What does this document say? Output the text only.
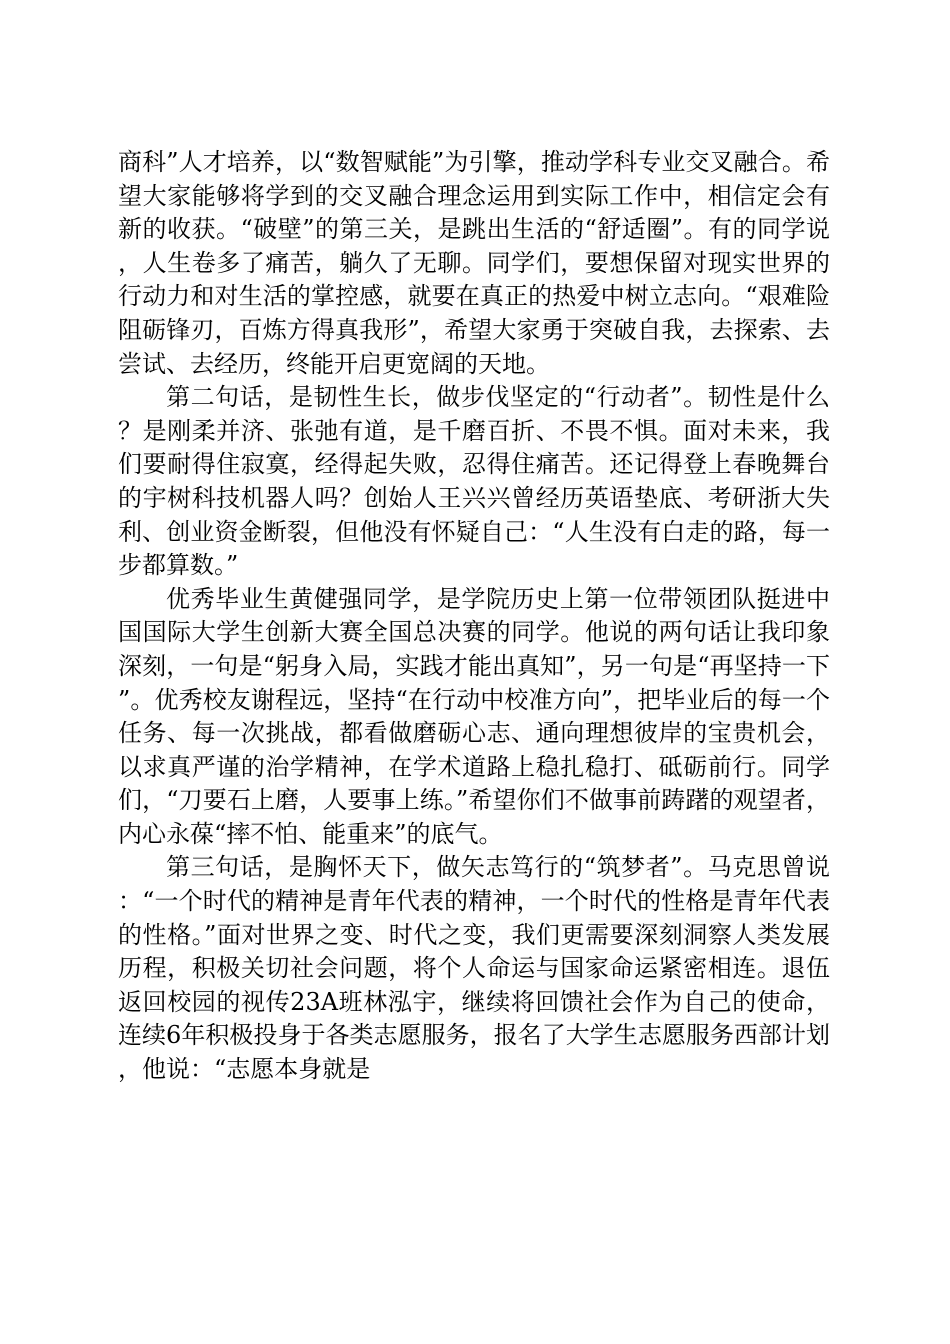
商科”人才培养，以“数智赋能”为引擎，推动学科专业交叉融合。希望大家能够将学到的交叉融合理念运用到实际工作中，相信定会有新的收获。“破壁”的第三关，是跳出生活的“舒适圈”。有的同学说，人生卷多了痛苦，躺久了无聊。同学们，要想保留对现实世界的行动力和对生活的掌控感，就要在真正的热爱中树立志向。“艰难险阻砺锋刃，百炼方得真我形”，希望大家勇于突破自我，去探索、去尝试、去经历，终能开启更宽阔的天地。

第二句话，是韧性生长，做步伐坚定的“行动者”。韧性是什么？是刚柔并济、张弛有道，是千磨百折、不畏不惧。面对未来，我们要耐得住寂寞，经得起失败，忍得住痛苦。还记得登上春晚舞台的宇树科技机器人吗？创始人王兴兴曾经历英语垫底、考研浙大失利、创业资金断裂，但他没有怀疑自己：“人生没有白走的路，每一步都算数。”

优秀毕业生黄健强同学，是学院历史上第一位带领团队挺进中国国际大学生创新大赛全国总决赛的同学。他说的两句话让我印象深刻，一句是“躬身入局，实践才能出真知”，另一句是“再坚持一下”。优秀校友谢程远，坚持“在行动中校准方向”，把毕业后的每一个任务、每一次挑战，都看做磨砺心志、通向理想彼岸的宝贵机会，以求真严谨的治学精神，在学术道路上稳扎稳打、砥砺前行。同学们，“刀要石上磨，人要事上练。”希望你们不做事前踌躇的观望者，内心永葆“摔不怕、能重来”的底气。

第三句话，是胸怀天下，做矢志笃行的“筑梦者”。马克思曾说：“一个时代的精神是青年代表的精神，一个时代的性格是青年代表的性格。”面对世界之变、时代之变，我们更需要深刻洞察人类发展历程，积极关切社会问题，将个人命运与国家命运紧密相连。退伍返回校园的视传23A班林泓宇，继续将回馈社会作为自己的使命，连续6年积极投身于各类志愿服务，报名了大学生志愿服务西部计划，他说：“志愿本身就是
